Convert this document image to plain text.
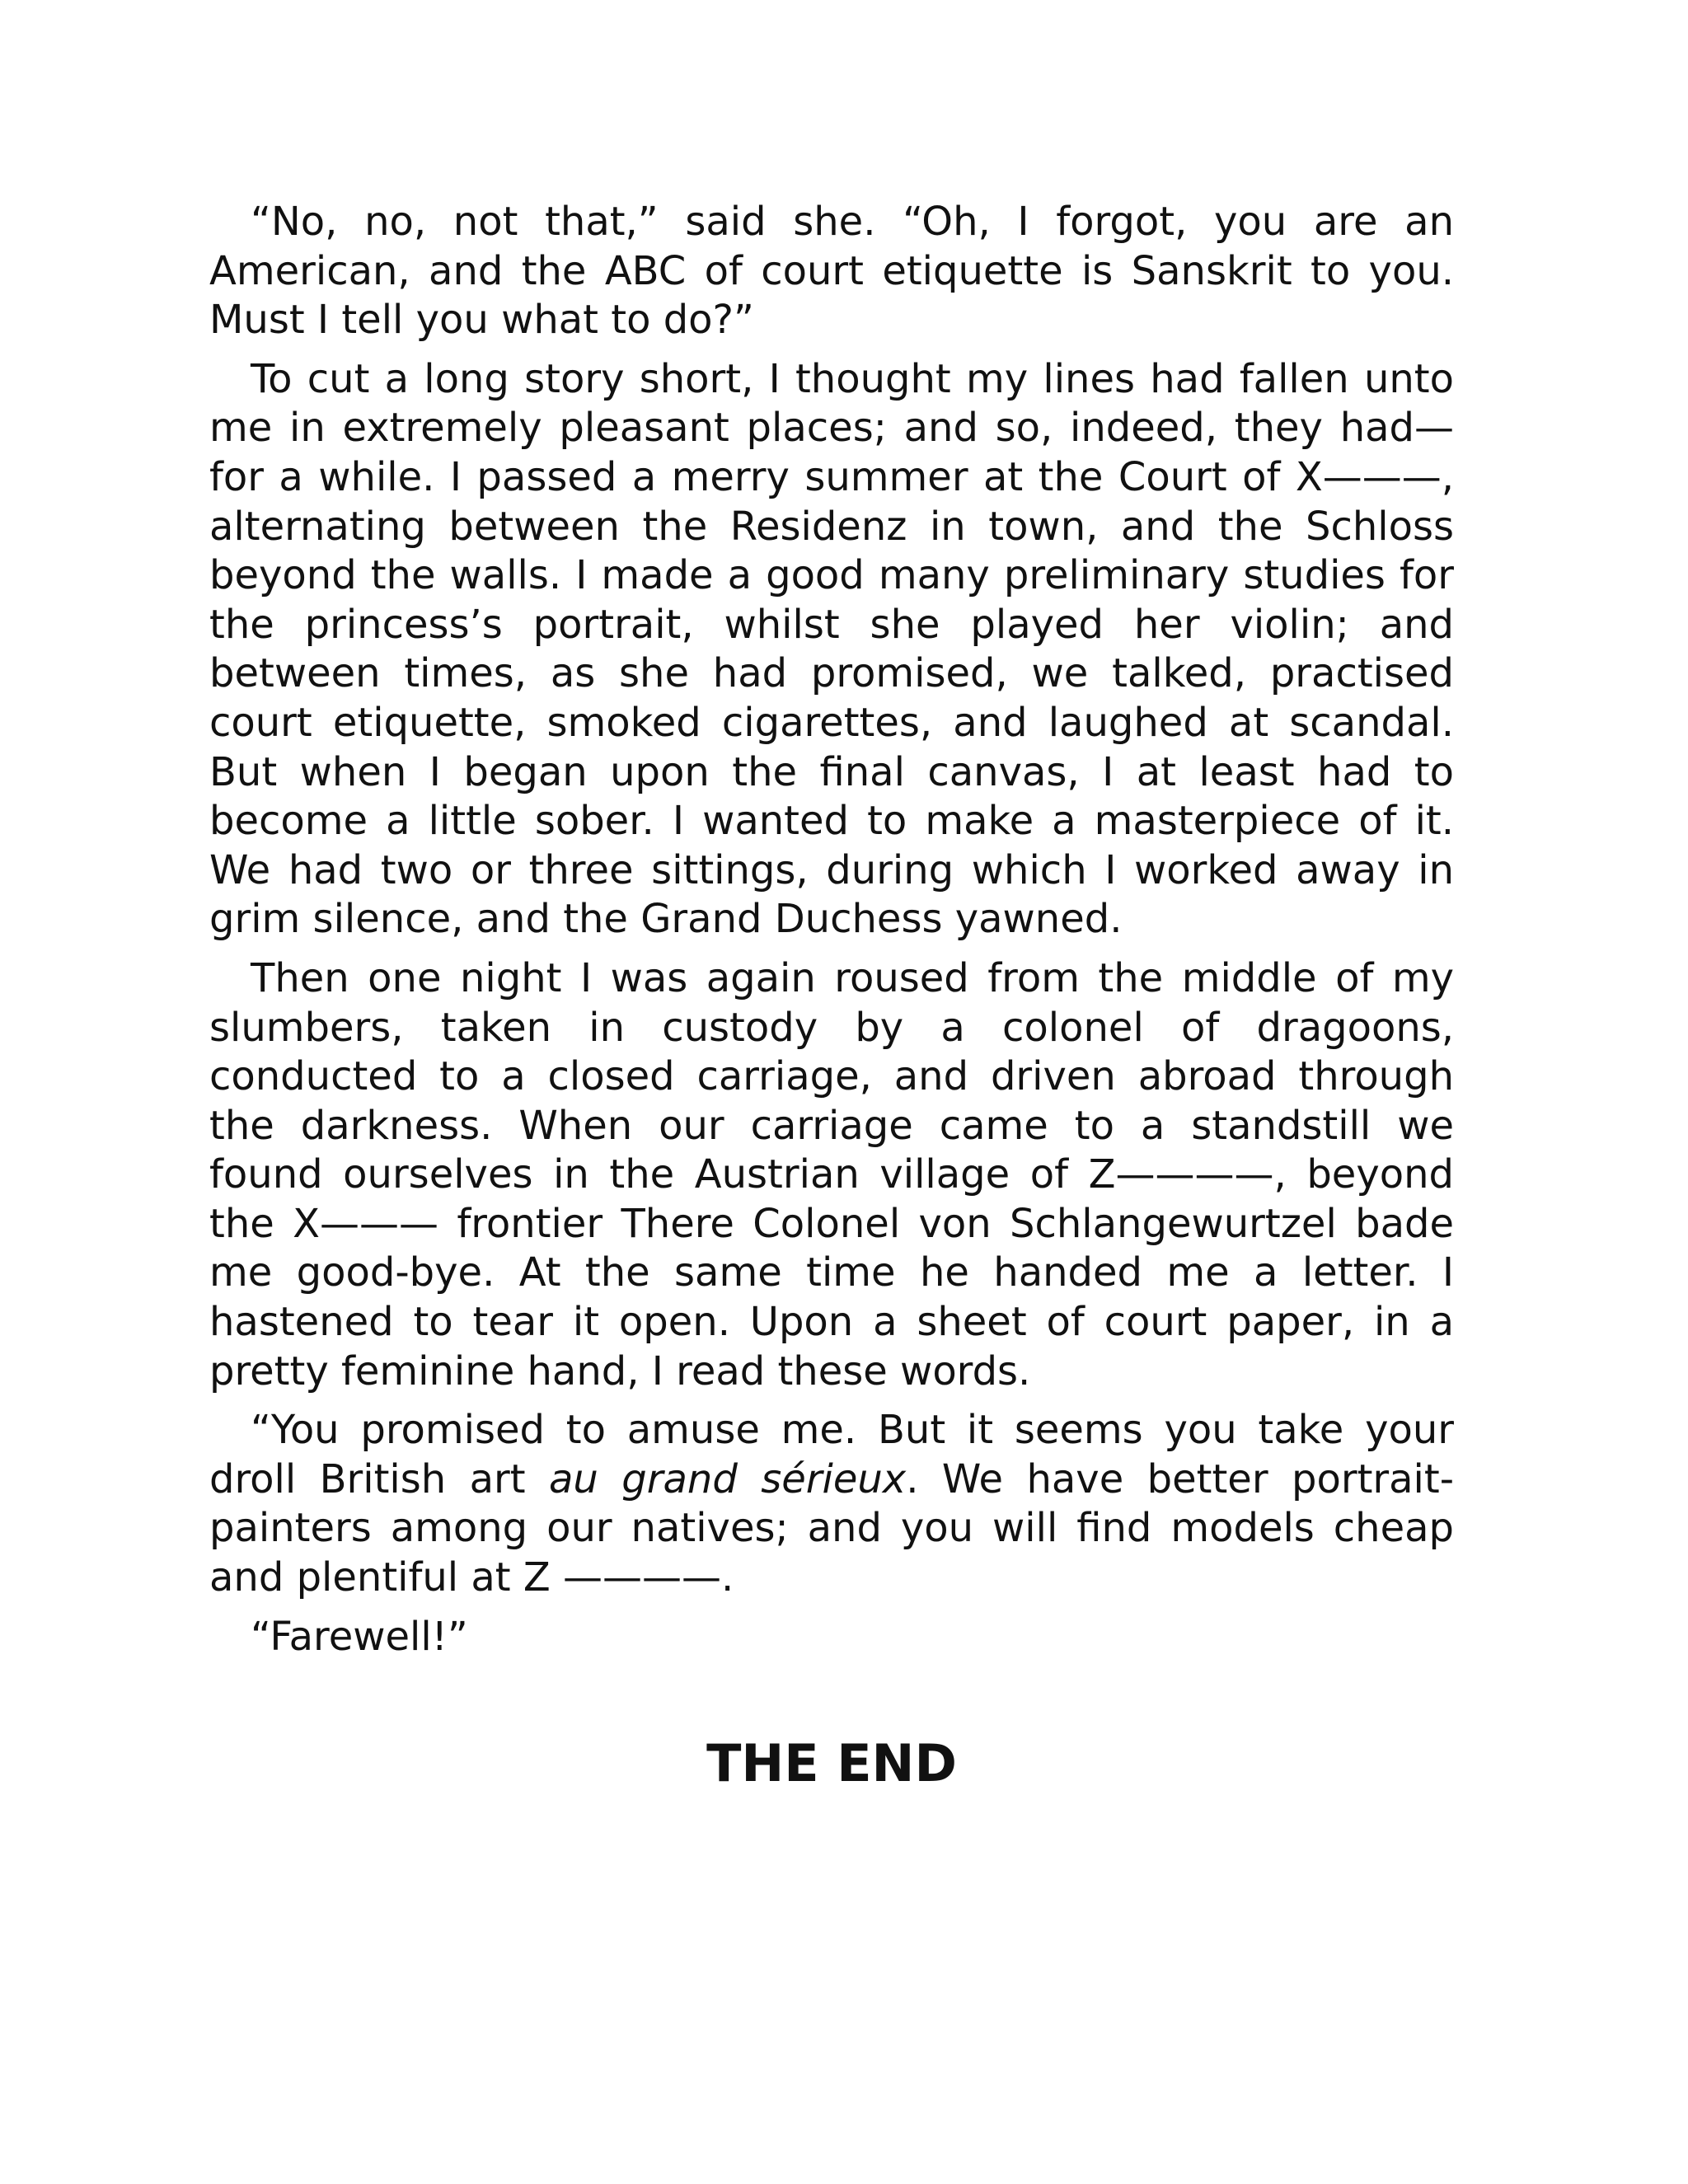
“No, no, not that,” said she. “Oh, I forgot, you are an American, and the ABC of court etiquette is Sanskrit to you. Must I tell you what to do?”

To cut a long story short, I thought my lines had fallen unto me in extremely pleasant places; and so, indeed, they had—for a while. I passed a merry summer at the Court of X———, alternating between the Residenz in town, and the Schloss beyond the walls. I made a good many preliminary studies for the princess’s portrait, whilst she played her violin; and between times, as she had promised, we talked, practised court etiquette, smoked cigarettes, and laughed at scandal. But when I began upon the final canvas, I at least had to become a little sober. I wanted to make a masterpiece of it. We had two or three sittings, during which I worked away in grim silence, and the Grand Duchess yawned.

Then one night I was again roused from the middle of my slumbers, taken in custody by a colonel of dragoons, conducted to a closed carriage, and driven abroad through the darkness. When our carriage came to a standstill we found ourselves in the Austrian village of Z————, beyond the X——— frontier There Colonel von Schlangewurtzel bade me good-bye. At the same time he handed me a letter. I hastened to tear it open. Upon a sheet of court paper, in a pretty feminine hand, I read these words.

“You promised to amuse me. But it seems you take your droll British art au grand sérieux. We have better portrait-painters among our natives; and you will find models cheap and plentiful at Z ————.

“Farewell!”

THE END
